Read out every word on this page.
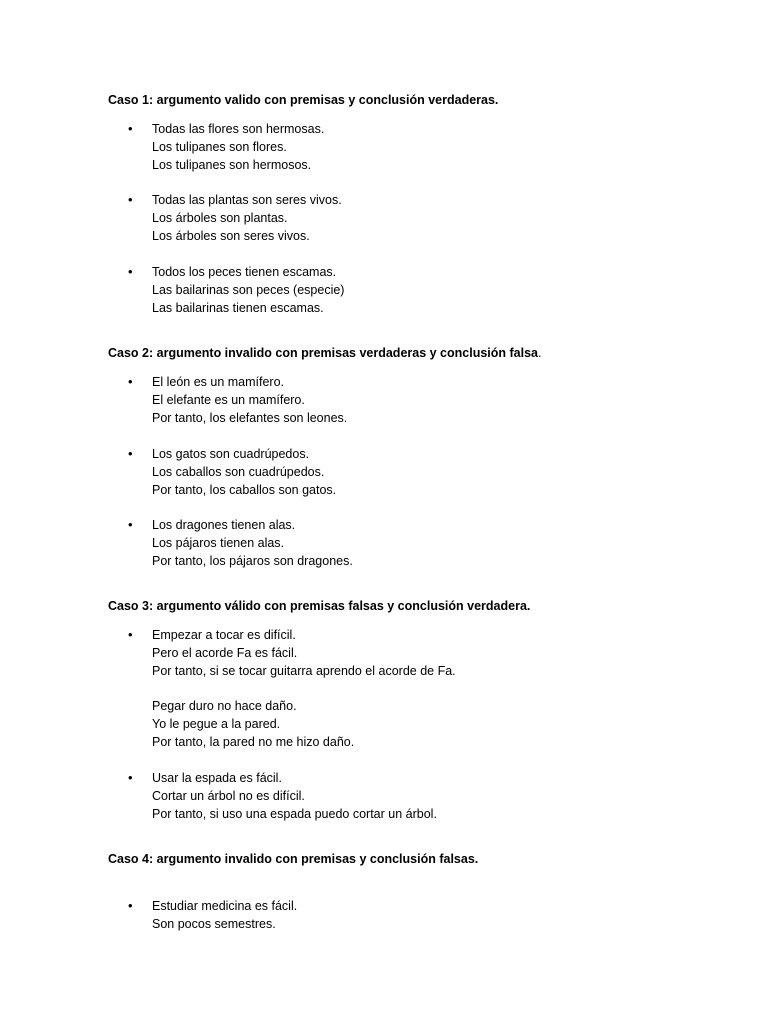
Caso 1: argumento valido con premisas y conclusión verdaderas.
•	Todas las flores son hermosas.
Los tulipanes son flores.
Los tulipanes son hermosos.
•	Todas las plantas son seres vivos.
Los árboles son plantas.
Los árboles son seres vivos.
•	Todos los peces tienen escamas.
Las bailarinas son peces (especie)
Las bailarinas tienen escamas.
Caso 2: argumento invalido con premisas verdaderas y conclusión falsa.
•	El león es un mamífero.
El elefante es un mamífero.
Por tanto, los elefantes son leones.
•	Los gatos son cuadrúpedos.
Los caballos son cuadrúpedos.
Por tanto, los caballos son gatos.
•	Los dragones tienen alas.
Los pájaros tienen alas.
Por tanto, los pájaros son dragones.
Caso 3: argumento válido con premisas falsas y conclusión verdadera.
•	Empezar a tocar es difícil.
Pero el acorde Fa es fácil.
Por tanto, si se tocar guitarra aprendo el acorde de Fa.
Pegar duro no hace daño.
Yo le pegue a la pared.
Por tanto, la pared no me hizo daño.
•	Usar la espada es fácil.
Cortar un árbol no es difícil.
Por tanto, si uso una espada puedo cortar un árbol.
Caso 4: argumento invalido con premisas y conclusión falsas.
•	Estudiar medicina es fácil.
Son pocos semestres.
